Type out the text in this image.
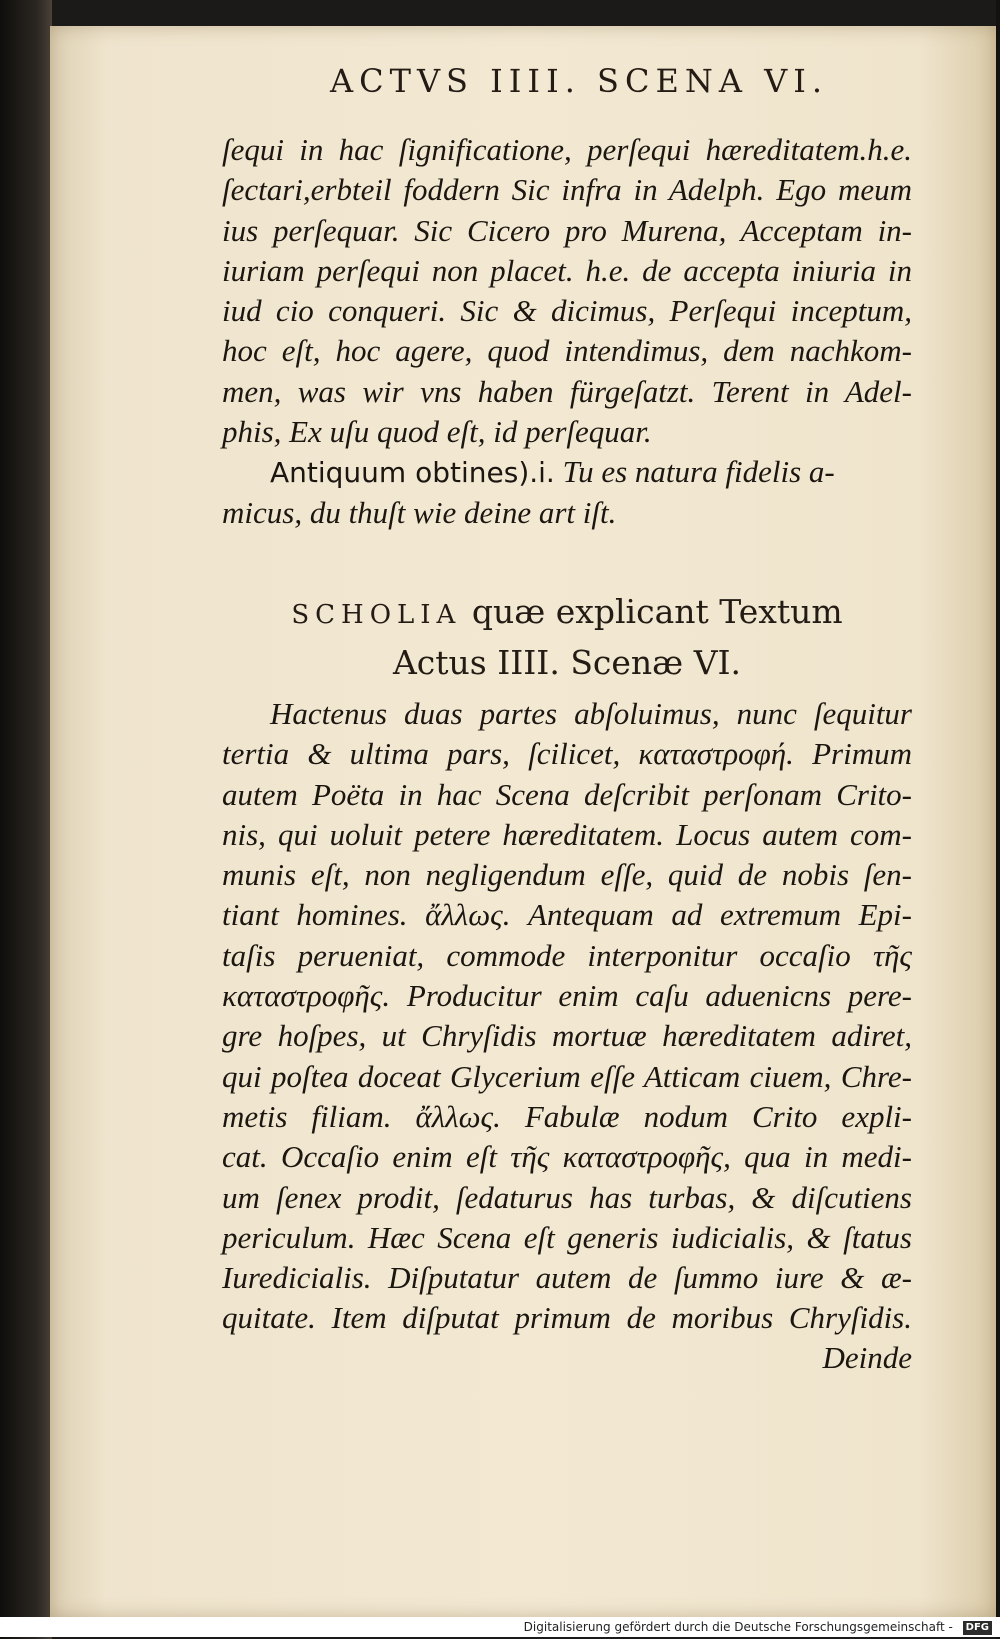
ACTVS IIII. SCENA VI.
ſequi in hac ſignificatione, perſequi hæreditatem.h.e.
ſectari,erbteil foddern Sic infra in Adelph. Ego meum
ius perſequar. Sic Cicero pro Murena, Acceptam in-
iuriam perſequi non placet. h.e. de accepta iniuria in
iud cio conqueri. Sic & dicimus, Perſequi inceptum,
hoc eſt, hoc agere, quod intendimus, dem nachkom-
men, was wir vns haben fürgeſatzt. Terent in Adel-
phis, Ex uſu quod eſt, id perſequar.
Antiquum obtines).i. Tu es natura fidelis a-
micus, du thuſt wie deine art iſt.
SCHOLIA quæ explicant Textum
Actus IIII. Scenæ VI.
Hactenus duas partes abſoluimus, nunc ſequitur
tertia & ultima pars, ſcilicet, καταστροφή. Primum
autem Poëta in hac Scena deſcribit perſonam Crito-
nis, qui uoluit petere hæreditatem. Locus autem com-
munis eſt, non negligendum eſſe, quid de nobis ſen-
tiant homines. ἄλλως. Antequam ad extremum Epi-
taſis perueniat, commode interponitur occaſio τῆς
καταστροφῆς. Producitur enim caſu aduenicns pere-
gre hoſpes, ut Chryſidis mortuæ hæreditatem adiret,
qui poſtea doceat Glycerium eſſe Atticam ciuem, Chre-
metis filiam. ἄλλως. Fabulæ nodum Crito expli-
cat. Occaſio enim eſt τῆς καταστροφῆς, qua in medi-
um ſenex prodit, ſedaturus has turbas, & diſcutiens
periculum. Hæc Scena eſt generis iudicialis, & ſtatus
Iuredicialis. Diſputatur autem de ſummo iure & æ-
quitate. Item diſputat primum de moribus Chryſidis.
Deinde
Digitalisierung gefördert durch die Deutsche Forschungsgemeinschaft - DFG
